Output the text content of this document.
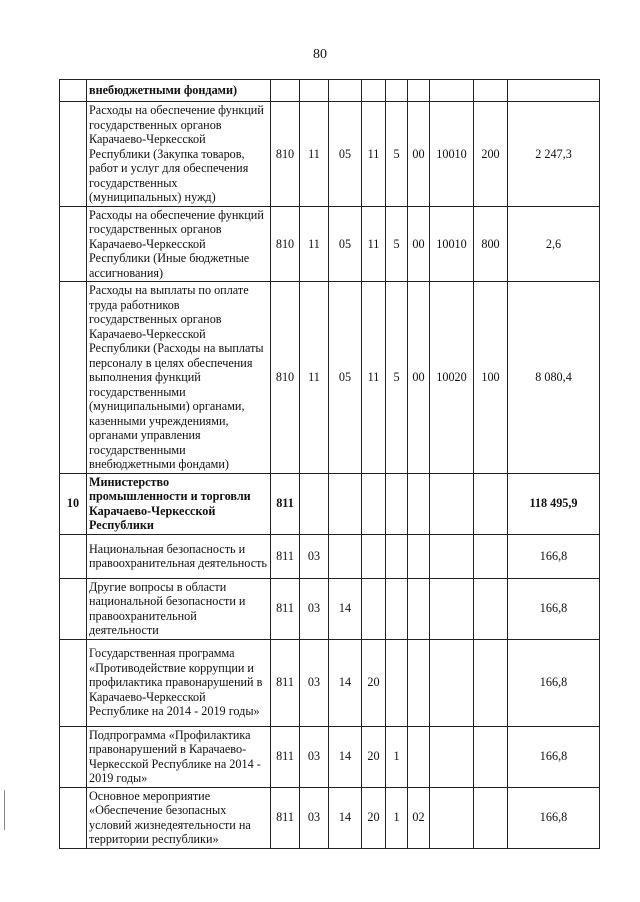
80
	внебюджетными фондами)									
	Расходы на обеспечение функций государственных органов Карачаево-Черкесской Республики (Закупка товаров, работ и услуг для обеспечения государственных (муниципальных) нужд)	810	11	05	11	5	00	10010	200	2 247,3
	Расходы на обеспечение функций государственных органов Карачаево-Черкесской Республики (Иные бюджетные ассигнования)	810	11	05	11	5	00	10010	800	2,6
	Расходы на выплаты по оплате труда работников государственных органов Карачаево-Черкесской Республики (Расходы на выплаты персоналу в целях обеспечения выполнения функций государственными (муниципальными) органами, казенными учреждениями, органами управления государственными внебюджетными фондами)	810	11	05	11	5	00	10020	100	8 080,4
10	Министерство промышленности и торговли Карачаево-Черкесской Республики	811								118 495,9
	Национальная безопасность и правоохранительная деятельность	811	03							166,8
	Другие вопросы в области национальной безопасности и правоохранительной деятельности	811	03	14						166,8
	Государственная программа «Противодействие коррупции и профилактика правонарушений в Карачаево-Черкесской Республике на 2014 - 2019 годы»	811	03	14	20					166,8
	Подпрограмма «Профилактика правонарушений в Карачаево-Черкесской Республике на 2014 - 2019 годы»	811	03	14	20	1				166,8
	Основное мероприятие «Обеспечение безопасных условий жизнедеятельности на территории республики»	811	03	14	20	1	02			166,8
